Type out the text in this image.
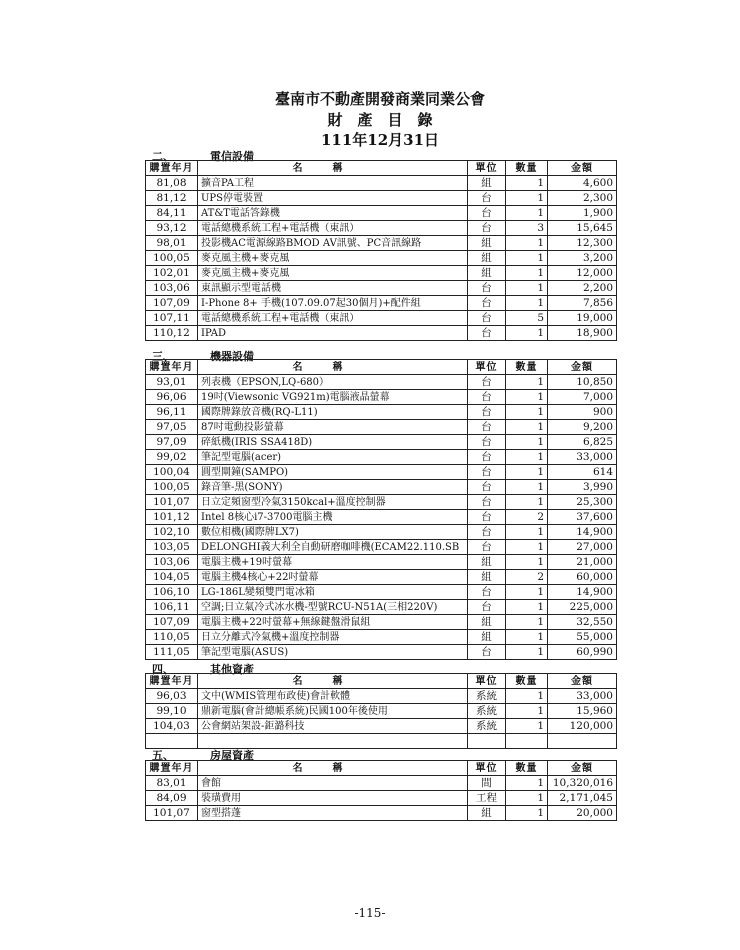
臺南市不動產開發商業同業公會
財　產　目　錄
111年12月31日
二、	電信設備
購置年月	名稱	單位	數量	金額
81,08	擴音PA工程	組	1	4,600
81,12	UPS停電裝置	台	1	2,300
84,11	AT&T電話答錄機	台	1	1,900
93,12	電話總機系統工程+電話機（東訊）	台	3	15,645
98,01	投影機AC電源線路BMOD AV訊號、PC音訊線路	組	1	12,300
100,05	麥克風主機+麥克風	組	1	3,200
102,01	麥克風主機+麥克風	組	1	12,000
103,06	東訊顯示型電話機	台	1	2,200
107,09	I-Phone 8+ 手機(107.09.07起30個月)+配件組	台	1	7,856
107,11	電話總機系統工程+電話機（東訊）	台	5	19,000
110,12	IPAD	台	1	18,900
三、	機器設備
購置年月	名稱	單位	數量	金額
93,01	列表機（EPSON,LQ-680）	台	1	10,850
96,06	19吋(Viewsonic VG921m)電腦液晶螢幕	台	1	7,000
96,11	國際牌錄放音機(RQ-L11)	台	1	900
97,05	87吋電動投影螢幕	台	1	9,200
97,09	碎紙機(IRIS SSA418D)	台	1	6,825
99,02	筆記型電腦(acer)	台	1	33,000
100,04	圓型閘鐘(SAMPO)	台	1	614
100,05	錄音筆-黑(SONY)	台	1	3,990
101,07	日立定頻窗型冷氣3150kcal+溫度控制器	台	1	25,300
101,12	Intel 8核心i7-3700電腦主機	台	2	37,600
102,10	數位相機(國際牌LX7)	台	1	14,900
103,05	DELONGHI義大利全自動研磨咖啡機(ECAM22.110.SB	台	1	27,000
103,06	電腦主機+19吋螢幕	組	1	21,000
104,05	電腦主機4核心+22吋螢幕	組	2	60,000
106,10	LG-186L變頻雙門電冰箱	台	1	14,900
106,11	空調;日立氣冷式冰水機-型號RCU-N51A(三相220V)	台	1	225,000
107,09	電腦主機+22吋螢幕+無線鍵盤滑鼠組	組	1	32,550
110,05	日立分離式冷氣機+溫度控制器	組	1	55,000
111,05	筆記型電腦(ASUS)	台	1	60,990
四、	其他資產
購置年月	名稱	單位	數量	金額
96,03	文中(WMIS管理布政使)會計軟體	系統	1	33,000
99,10	鼎新電腦(會計總帳系統)民國100年後使用	系統	1	15,960
104,03	公會網站架設-鉅潞科技	系統	1	120,000

五、	房屋資產
購置年月	名稱	單位	數量	金額
83,01	會館	間	1	10,320,016
84,09	裝璜費用	工程	1	2,171,045
101,07	窗型搭蓬	組	1	20,000
-115-
